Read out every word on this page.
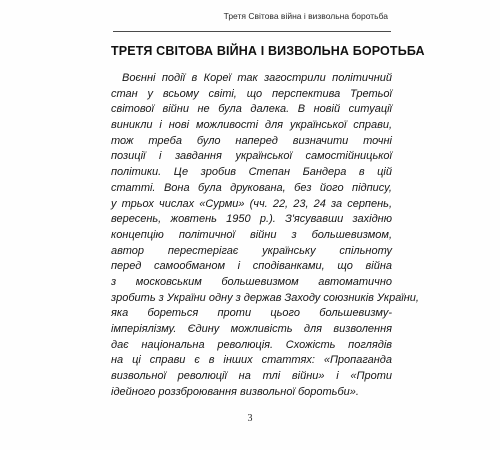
Третя Світова війна і визвольна боротьба
ТРЕТЯ СВІТОВА ВІЙНА І ВИЗВОЛЬНА БОРОТЬБА
Воєнні події в Кореї так загострили політичний
стан у всьому світі, що перспектива Третьої
світової війни не була далека. В новій ситуації
виникли і нові можливості для української справи,
тож треба було наперед визначити точні
позиції і завдання української самостійницької
політики. Це зробив Степан Бандера в цій
статті. Вона була друкована, без його підпису,
у трьох числах «Сурми» (чч. 22, 23, 24 за серпень,
вересень, жовтень 1950 р.). З'ясувавши західню
концепцію політичної війни з большевизмом,
автор перестерігає українську спільноту
перед самообманом і сподіванками, що війна
з московським большевизмом автоматично
зробить з України одну з держав Заходу союзників України,
яка бореться проти цього большевизму-
імперіялізму. Єдину можливість для визволення
дає національна революція. Схожість поглядів
на ці справи є в інших статтях: «Пропаганда
визвольної революції на тлі війни» і «Проти
ідейного роззброювання визвольної боротьби».
3
